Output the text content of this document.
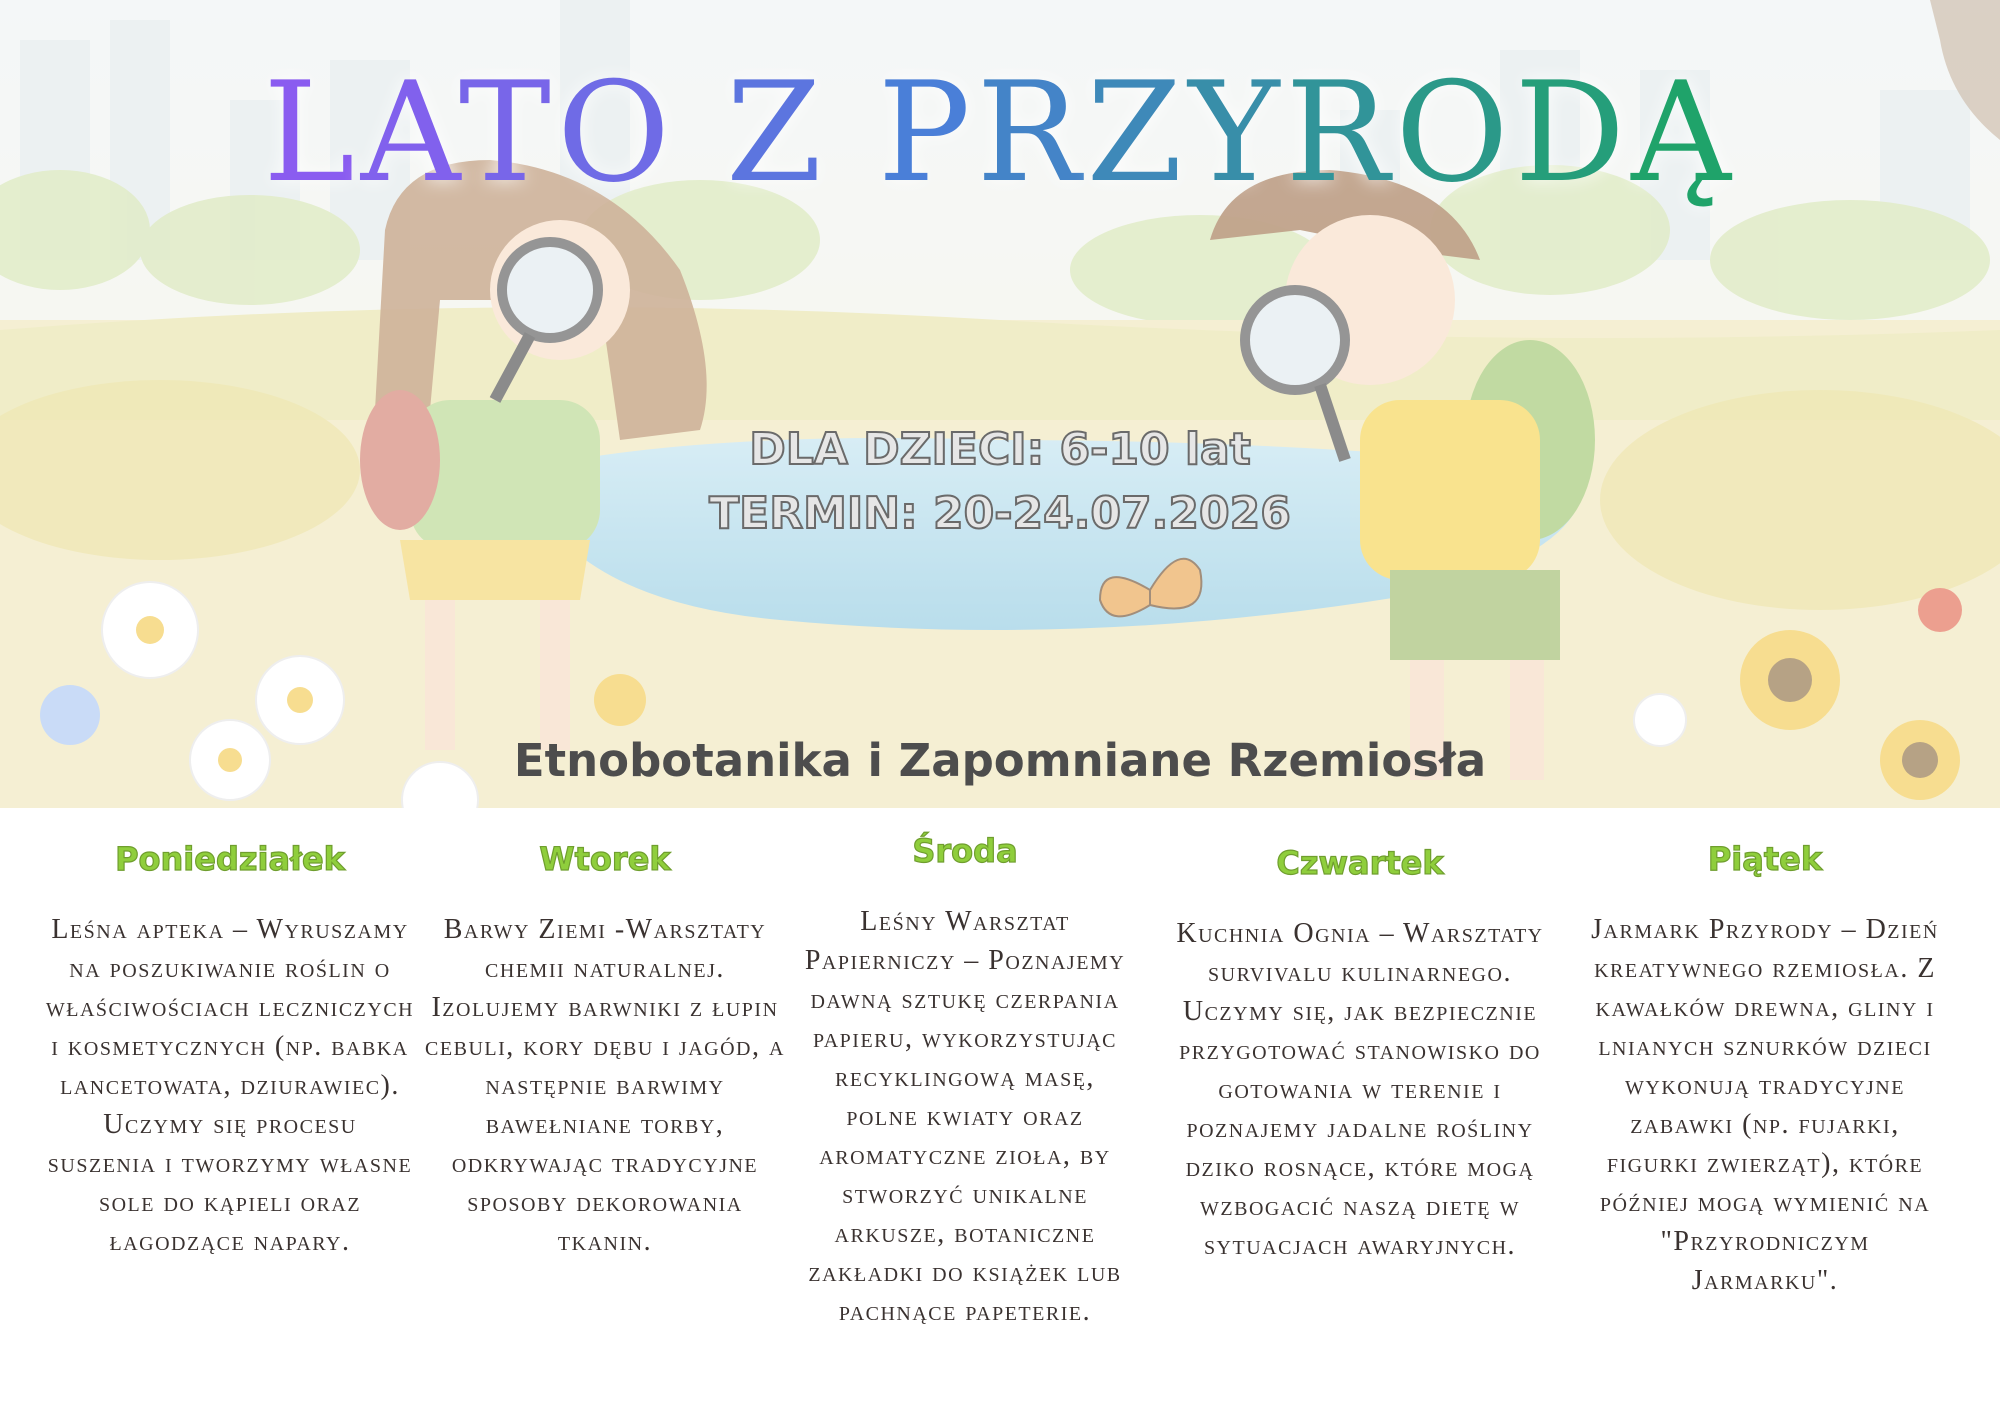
LATO Z PRZYRODĄ
DLA DZIECI: 6-10 lat
TERMIN: 20-24.07.2026
Etnobotanika i Zapomniane Rzemiosła
Poniedziałek
Leśna apteka – Wyruszamy na poszukiwanie roślin o właściwościach leczniczych i kosmetycznych (np. babka lancetowata, dziurawiec). Uczymy się procesu suszenia i tworzymy własne sole do kąpieli oraz łagodzące napary.
Wtorek
Barwy Ziemi -Warsztaty chemii naturalnej. Izolujemy barwniki z łupin cebuli, kory dębu i jagód, a następnie barwimy bawełniane torby, odkrywając tradycyjne sposoby dekorowania tkanin.
Środa
Leśny Warsztat Papierniczy – Poznajemy dawną sztukę czerpania papieru, wykorzystując recyklingową masę, polne kwiaty oraz aromatyczne zioła, by stworzyć unikalne arkusze, botaniczne zakładki do książek lub pachnące papeterie.
Czwartek
Kuchnia Ognia – Warsztaty survivalu kulinarnego. Uczymy się, jak bezpiecznie przygotować stanowisko do gotowania w terenie i poznajemy jadalne rośliny dziko rosnące, które mogą wzbogacić naszą dietę w sytuacjach awaryjnych.
Piątek
Jarmark Przyrody – Dzień kreatywnego rzemiosła. Z kawałków drewna, gliny i lnianych sznurków dzieci wykonują tradycyjne zabawki (np. fujarki, figurki zwierząt), które później mogą wymienić na "Przyrodniczym Jarmarku".
